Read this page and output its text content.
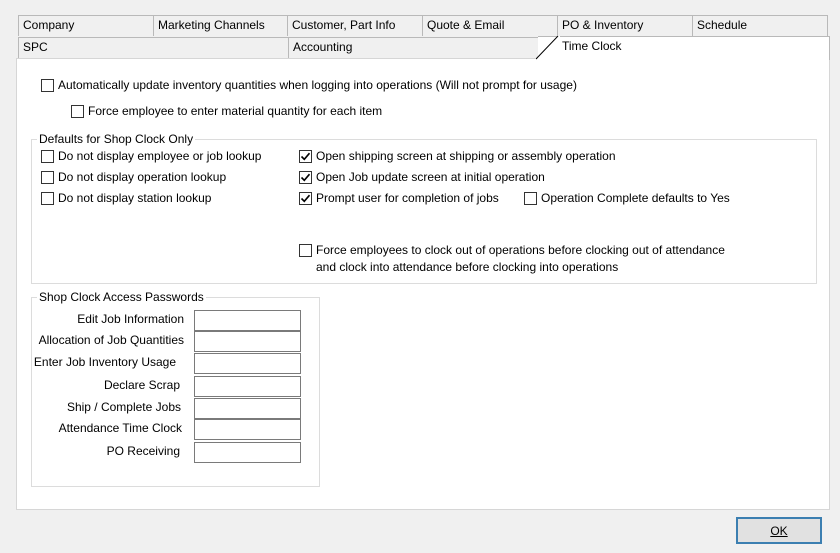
Company	Marketing Channels	Customer, Part Info	Quote & Email	PO & Inventory	Schedule
SPC	Accounting	Time Clock
Automatically update inventory quantities when logging into operations (Will not prompt for usage)
Force employee to enter material quantity for each item
Defaults for Shop Clock Only
Do not display employee or job lookup
Do not display operation lookup
Do not display station lookup
Open shipping screen at shipping or assembly operation
Open Job update screen at initial operation
Prompt user for completion of jobs	Operation Complete defaults to Yes
Force employees to clock out of operations before clocking out of attendance
and clock into attendance before clocking into operations
Shop Clock Access Passwords
Edit Job Information
Allocation of Job Quantities
Enter Job Inventory Usage
Declare Scrap
Ship / Complete Jobs
Attendance Time Clock
PO Receiving
OK
